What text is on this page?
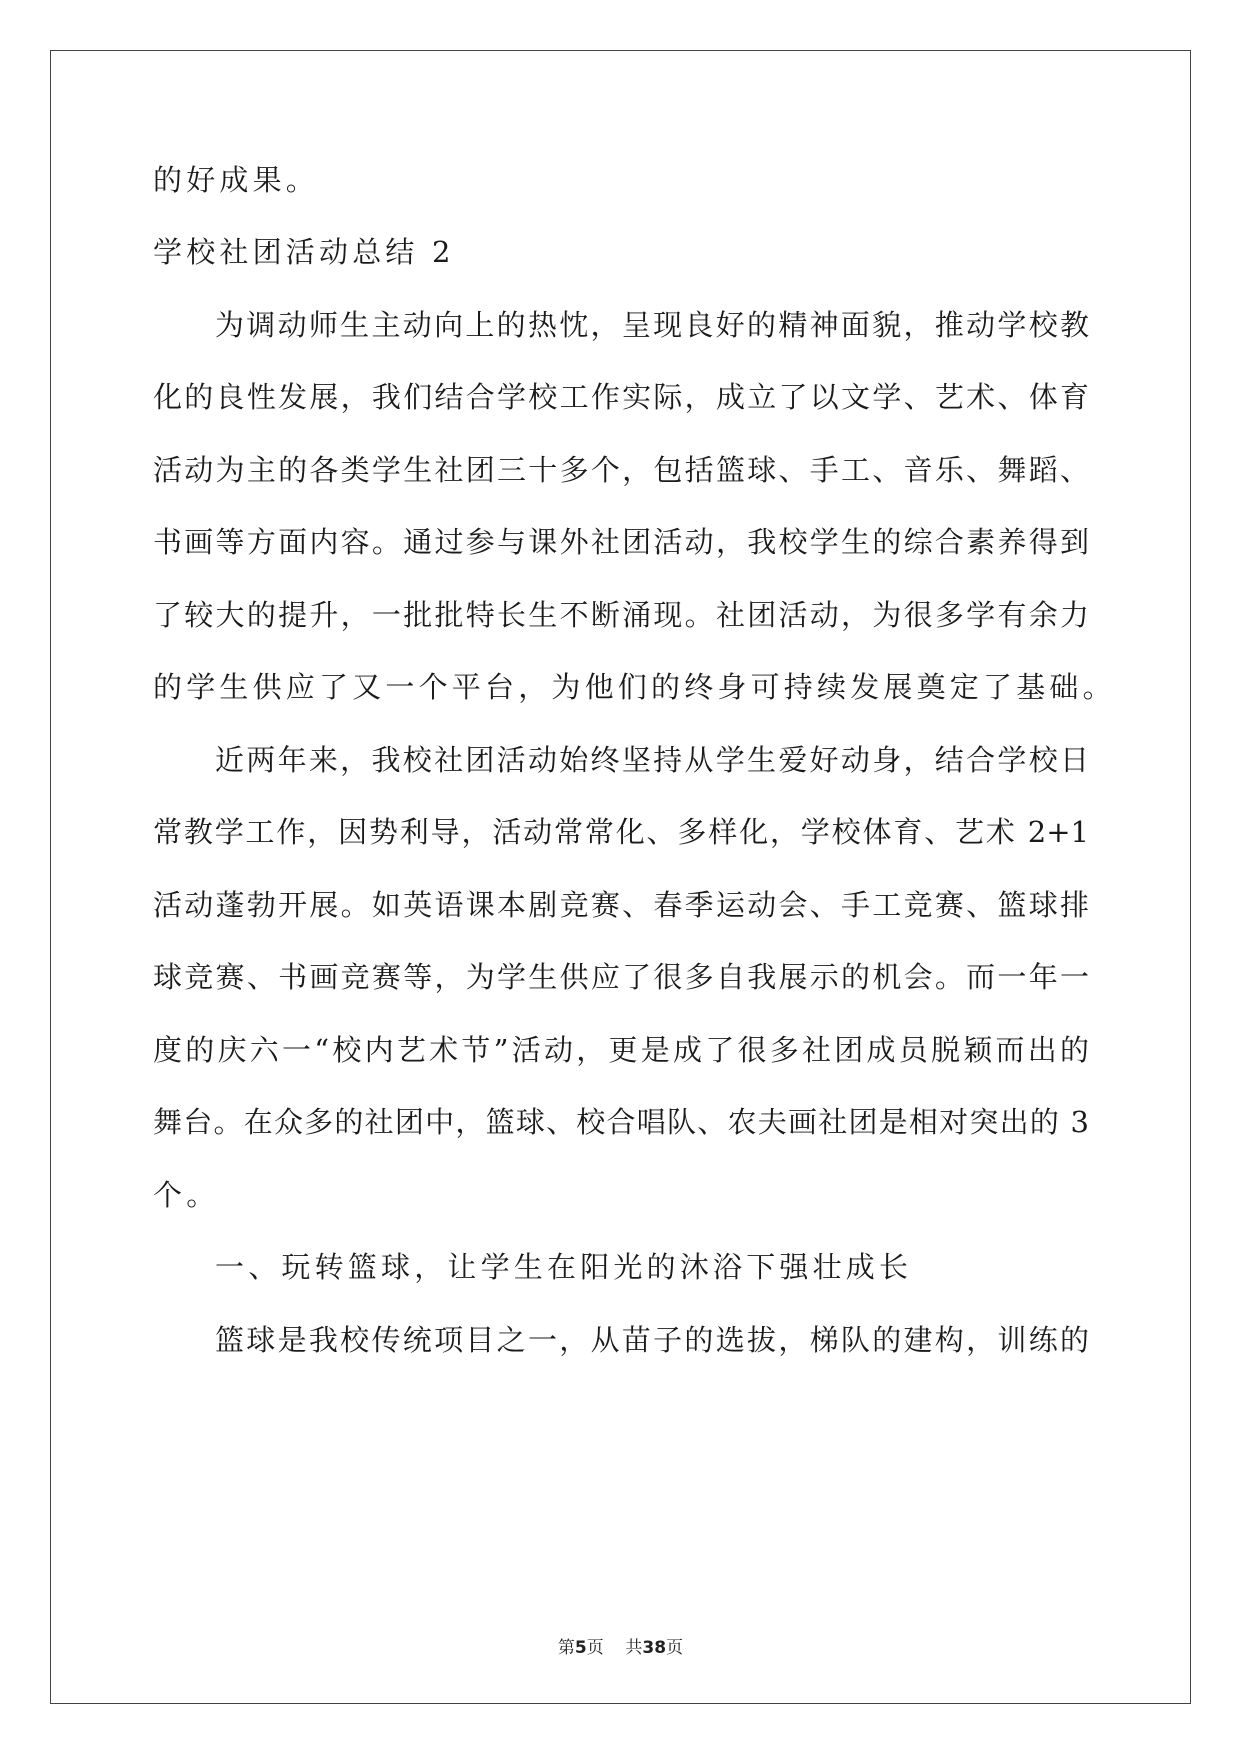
的好成果。
学校社团活动总结 2
为调动师生主动向上的热忱，呈现良好的精神面貌，推动学校教
化的良性发展，我们结合学校工作实际，成立了以文学、艺术、体育
活动为主的各类学生社团三十多个，包括篮球、手工、音乐、舞蹈、
书画等方面内容。通过参与课外社团活动，我校学生的综合素养得到
了较大的提升，一批批特长生不断涌现。社团活动，为很多学有余力
的学生供应了又一个平台，为他们的终身可持续发展奠定了基础。
近两年来，我校社团活动始终坚持从学生爱好动身，结合学校日
常教学工作，因势利导，活动常常化、多样化，学校体育、艺术 2+1
活动蓬勃开展。如英语课本剧竞赛、春季运动会、手工竞赛、篮球排
球竞赛、书画竞赛等，为学生供应了很多自我展示的机会。而一年一
度的庆六一“校内艺术节”活动，更是成了很多社团成员脱颖而出的
舞台。在众多的社团中，篮球、校合唱队、农夫画社团是相对突出的 3
个。
一、玩转篮球，让学生在阳光的沐浴下强壮成长
篮球是我校传统项目之一，从苗子的选拔，梯队的建构，训练的
第5页 共38页
